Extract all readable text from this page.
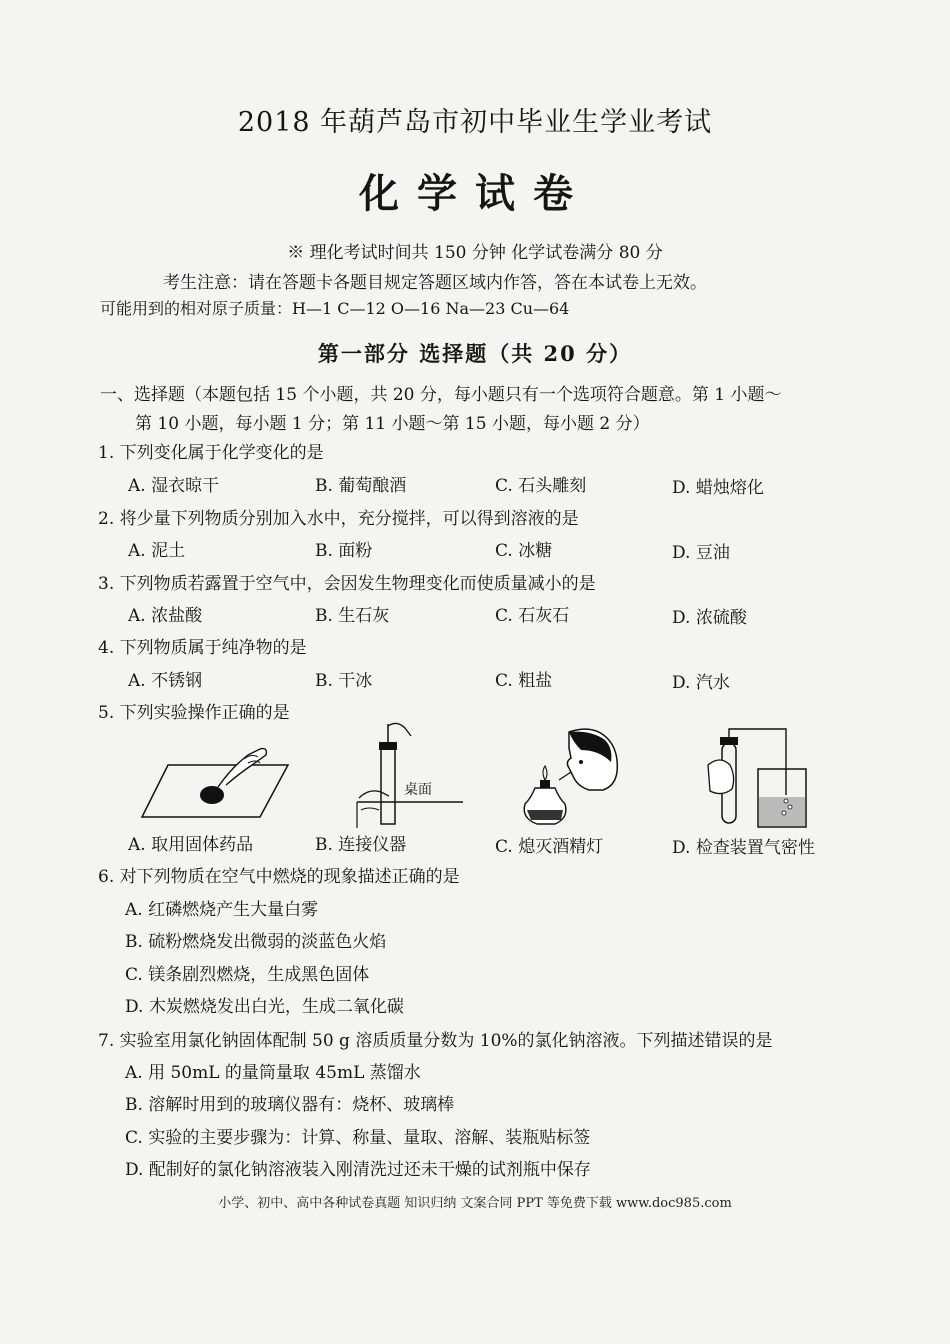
2018 年葫芦岛市初中毕业生学业考试
化学试卷
※ 理化考试时间共 150 分钟 化学试卷满分 80 分
考生注意：请在答题卡各题目规定答题区域内作答，答在本试卷上无效。
可能用到的相对原子质量：H—1 C—12 O—16 Na—23 Cu—64
第一部分 选择题（共 20 分）
一、选择题（本题包括 15 个小题，共 20 分，每小题只有一个选项符合题意。第 1 小题～
第 10 小题，每小题 1 分；第 11 小题～第 15 小题，每小题 2 分）
1. 下列变化属于化学变化的是
A. 湿衣晾干	B. 葡萄酿酒	C. 石头雕刻	D. 蜡烛熔化
2. 将少量下列物质分别加入水中，充分搅拌，可以得到溶液的是
A. 泥土	B. 面粉	C. 冰糖	D. 豆油
3. 下列物质若露置于空气中，会因发生物理变化而使质量减小的是
A. 浓盐酸	B. 生石灰	C. 石灰石	D. 浓硫酸
4. 下列物质属于纯净物的是
A. 不锈钢	B. 干冰	C. 粗盐	D. 汽水
5. 下列实验操作正确的是
桌面
A. 取用固体药品	B. 连接仪器	C. 熄灭酒精灯	D. 检查装置气密性
6. 对下列物质在空气中燃烧的现象描述正确的是
A. 红磷燃烧产生大量白雾
B. 硫粉燃烧发出微弱的淡蓝色火焰
C. 镁条剧烈燃烧，生成黑色固体
D. 木炭燃烧发出白光，生成二氧化碳
7. 实验室用氯化钠固体配制 50 g 溶质质量分数为 10%的氯化钠溶液。下列描述错误的是
A. 用 50mL 的量筒量取 45mL 蒸馏水
B. 溶解时用到的玻璃仪器有：烧杯、玻璃棒
C. 实验的主要步骤为：计算、称量、量取、溶解、装瓶贴标签
D. 配制好的氯化钠溶液装入刚清洗过还未干燥的试剂瓶中保存
小学、初中、高中各种试卷真题 知识归纳 文案合同 PPT 等免费下载 www.doc985.com
